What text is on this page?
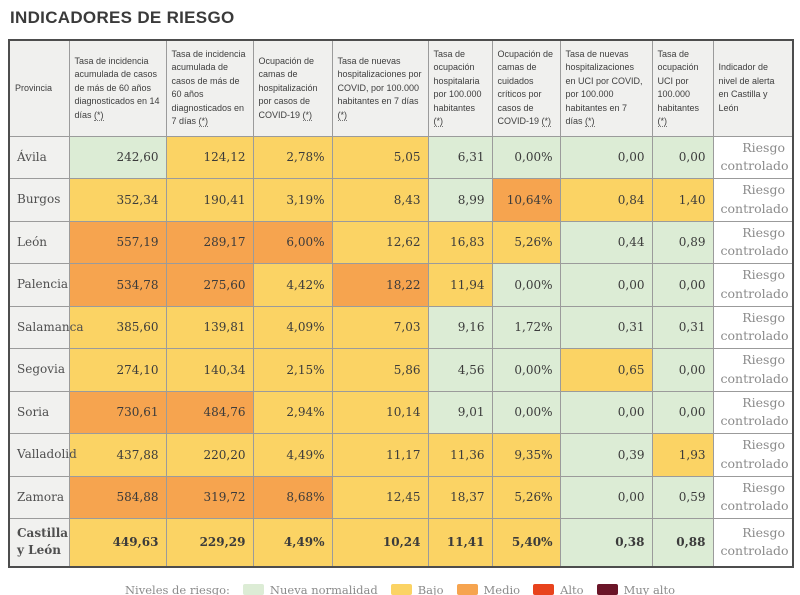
INDICADORES DE RIESGO
Provincia	Tasa de incidencia acumulada de casos de más de 60 años diagnosticados en 14 días (*)	Tasa de incidencia acumulada de casos de más de 60 años diagnosticados en 7 días (*)	Ocupación de camas de hospitalización por casos de COVID-19 (*)	Tasa de nuevas hospitalizaciones por COVID, por 100.000 habitantes en 7 días (*)	Tasa de ocupación hospitalaria por 100.000 habitantes (*)	Ocupación de camas de cuidados críticos por casos de COVID-19 (*)	Tasa de nuevas hospitalizaciones en UCI por COVID, por 100.000 habitantes en 7 días (*)	Tasa de ocupación UCI por 100.000 habitantes (*)	Indicador de nivel de alerta en Castilla y León
Ávila	242,60	124,12	2,78%	5,05	6,31	0,00%	0,00	0,00	Riesgo controlado
Burgos	352,34	190,41	3,19%	8,43	8,99	10,64%	0,84	1,40	Riesgo controlado
León	557,19	289,17	6,00%	12,62	16,83	5,26%	0,44	0,89	Riesgo controlado
Palencia	534,78	275,60	4,42%	18,22	11,94	0,00%	0,00	0,00	Riesgo controlado
Salamanca	385,60	139,81	4,09%	7,03	9,16	1,72%	0,31	0,31	Riesgo controlado
Segovia	274,10	140,34	2,15%	5,86	4,56	0,00%	0,65	0,00	Riesgo controlado
Soria	730,61	484,76	2,94%	10,14	9,01	0,00%	0,00	0,00	Riesgo controlado
Valladolid	437,88	220,20	4,49%	11,17	11,36	9,35%	0,39	1,93	Riesgo controlado
Zamora	584,88	319,72	8,68%	12,45	18,37	5,26%	0,00	0,59	Riesgo controlado
Castilla y León	449,63	229,29	4,49%	10,24	11,41	5,40%	0,38	0,88	Riesgo controlado
Niveles de riesgo:	Nueva normalidad	Bajo	Medio	Alto	Muy alto
